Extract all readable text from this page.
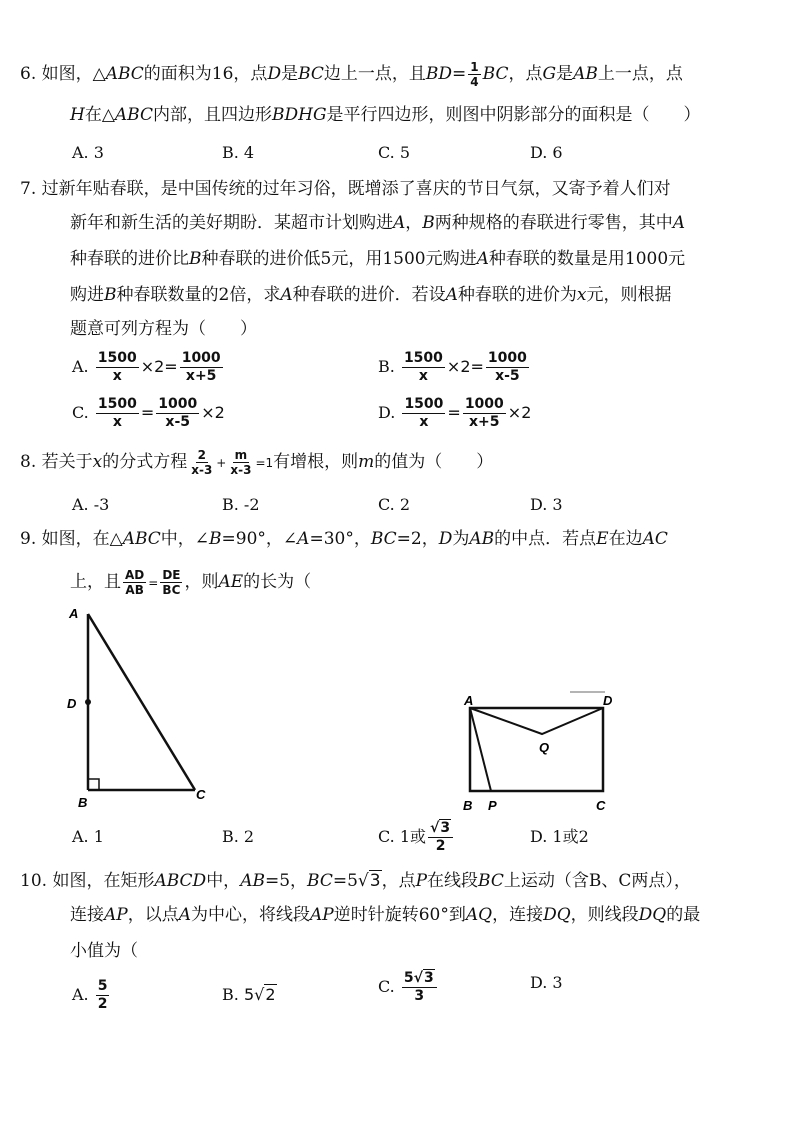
6. 如图，△ABC的面积为16，点D是BC边上一点，且$BD= \frac{1}{4}$ BC，点G是AB上一点，点
H在△ABC内部，且四边形BDHG是平行四边形，则图中阴影部分的面积是（　　）
A. 3	B. 4	C. 5	D. 6
7. 过新年贴春联，是中国传统的过年习俗，既增添了喜庆的节日气氛，又寄予着人们对
新年和新生活的美好期盼．某超市计划购进A，B两种规格的春联进行零售，其中A
种春联的进价比B种春联的进价低5元，用1500元购进A种春联的数量是用1000元
购进B种春联数量的2倍，求A种春联的进价．若设A种春联的进价为x元，则根据
题意可列方程为（　　）
A. $\frac{1500}{x} \times 2= \frac{1000}{x+5}$	B. $\frac{1500}{x} \times 2= \frac{1000}{x-5}$
C. $\frac{1500}{x} = \frac{1000}{x-5} \times 2$	D. $\frac{1500}{x} = \frac{1000}{x+5} \times 2$
8. 若关于x的分式方程 $\frac{2}{x-3} + \frac{m}{x-3} =1$有增根，则m的值为（　　）
A. -3	B. -2	C. 2	D. 3
9. 如图，在△ABC中，∠B=90°，∠A=30°，BC=2，D为AB的中点．若点E在边AC
上，且 $\frac{AD}{AB} = \frac{DE}{BC}$ ，则AE的长为（
A
D
B
C
A	D
Q
B P	C
A. 1	B. 2	C. 1或 $\frac{√3}{2}$	D. 1或2
10. 如图，在矩形ABCD中，AB=5，BC=5√3，点P在线段BC上运动（含B、C两点），
连接AP，以点A为中心，将线段AP逆时针旋转60°到AQ，连接DQ，则线段DQ的最
小值为（
A. $\frac{5}{2}$	B. 5√2	C. $\frac{5√3}{3}$	D. 3
